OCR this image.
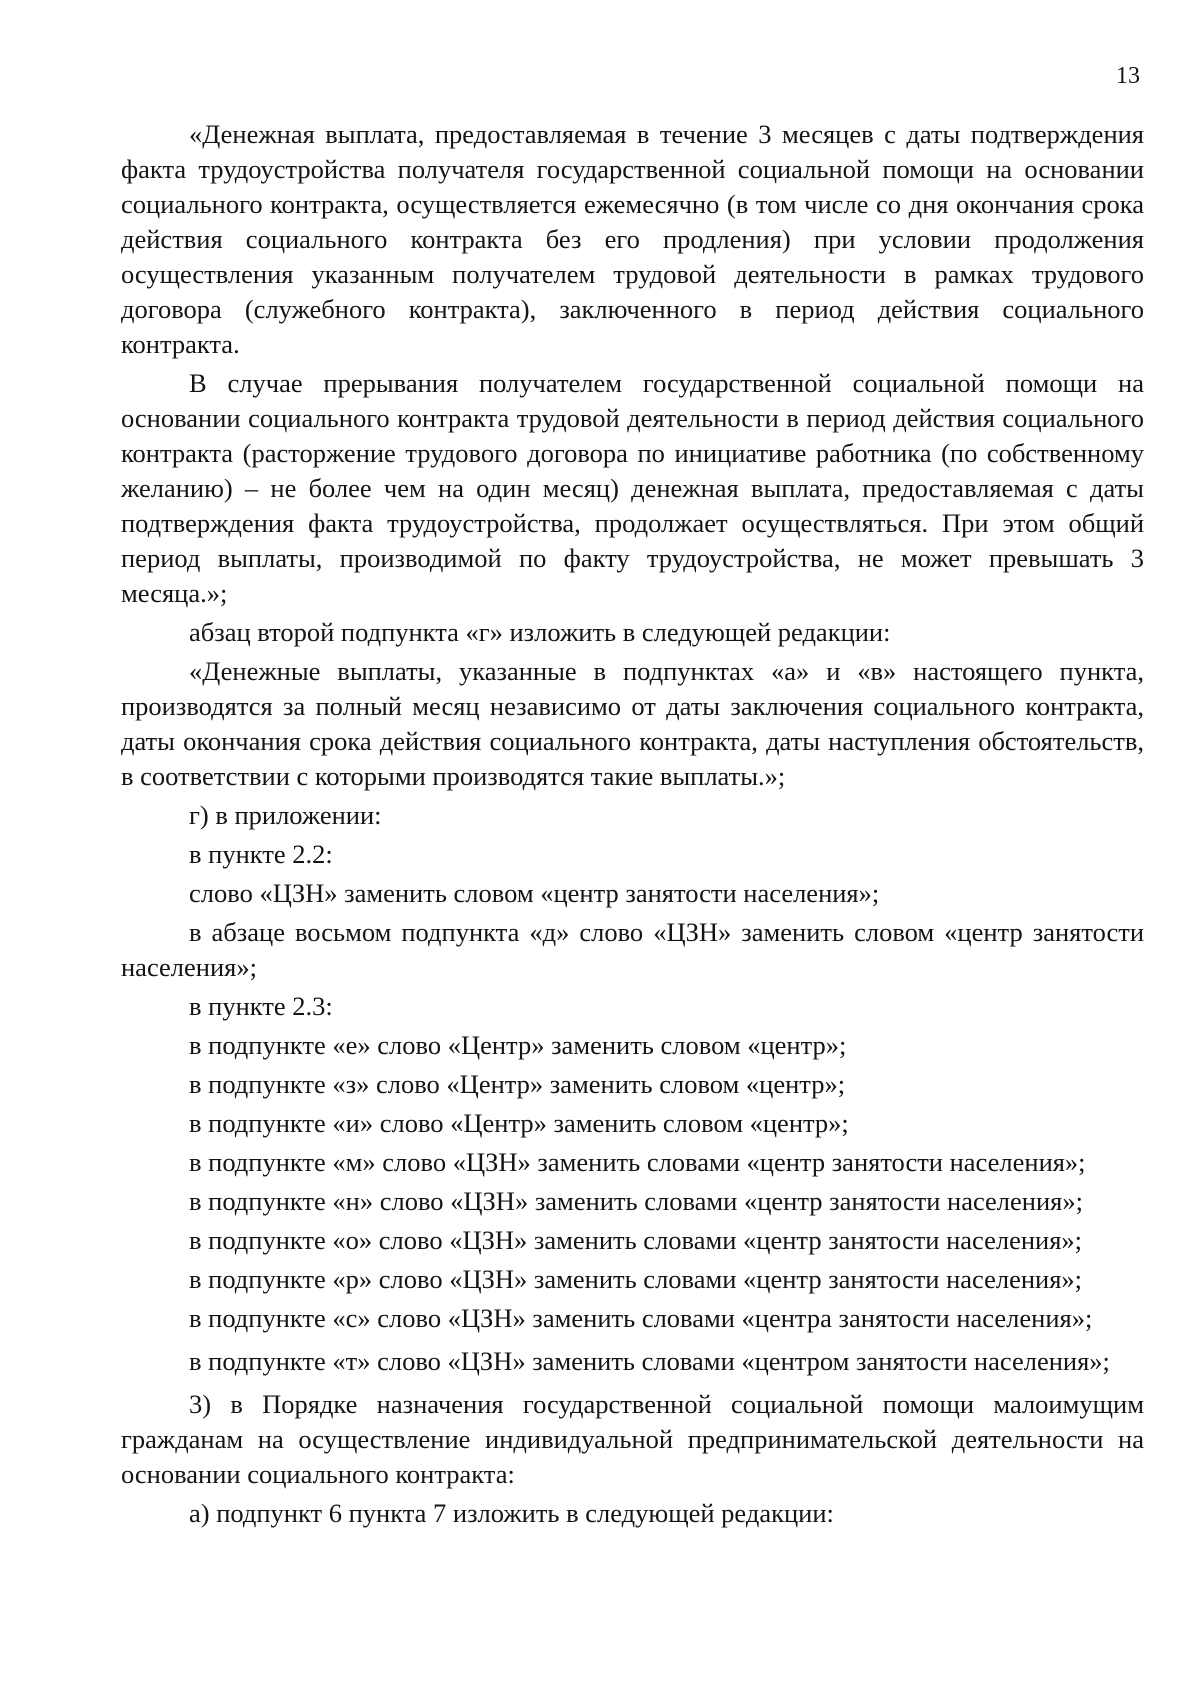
13

«Денежная выплата, предоставляемая в течение 3 месяцев с даты подтверждения факта трудоустройства получателя государственной социальной помощи на основании социального контракта, осуществляется ежемесячно (в том числе со дня окончания срока действия социального контракта без его продления) при условии продолжения осуществления указанным получателем трудовой деятельности в рамках трудового договора (служебного контракта), заключенного в период действия социального контракта.

В случае прерывания получателем государственной социальной помощи на основании социального контракта трудовой деятельности в период действия социального контракта (расторжение трудового договора по инициативе работника (по собственному желанию) – не более чем на один месяц) денежная выплата, предоставляемая с даты подтверждения факта трудоустройства, продолжает осуществляться. При этом общий период выплаты, производимой по факту трудоустройства, не может превышать 3 месяца.»;

абзац второй подпункта «г» изложить в следующей редакции:

«Денежные выплаты, указанные в подпунктах «а» и «в» настоящего пункта, производятся за полный месяц независимо от даты заключения социального контракта, даты окончания срока действия социального контракта, даты наступления обстоятельств, в соответствии с которыми производятся такие выплаты.»;

г) в приложении:

в пункте 2.2:

слово «ЦЗН» заменить словом «центр занятости населения»;

в абзаце восьмом подпункта «д» слово «ЦЗН» заменить словом «центр занятости населения»;

в пункте 2.3:

в подпункте «е» слово «Центр» заменить словом «центр»;

в подпункте «з» слово «Центр» заменить словом «центр»;

в подпункте «и» слово «Центр» заменить словом «центр»;

в подпункте «м» слово «ЦЗН» заменить словами «центр занятости населения»;

в подпункте «н» слово «ЦЗН» заменить словами «центр занятости населения»;

в подпункте «о» слово «ЦЗН» заменить словами «центр занятости населения»;

в подпункте «р» слово «ЦЗН» заменить словами «центр занятости населения»;

в подпункте «с» слово «ЦЗН» заменить словами «центра занятости населения»;

в подпункте «т» слово «ЦЗН» заменить словами «центром занятости населения»;

3) в Порядке назначения государственной социальной помощи малоимущим гражданам на осуществление индивидуальной предпринимательской деятельности на основании социального контракта:

а) подпункт 6 пункта 7 изложить в следующей редакции:
